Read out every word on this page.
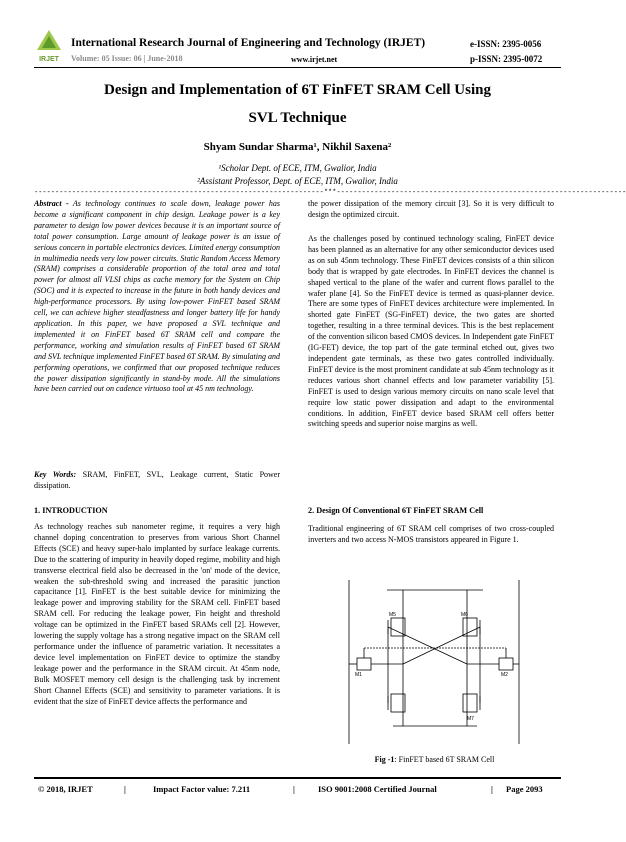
IRJET
International Research Journal of Engineering and Technology (IRJET)
Volume: 05 Issue: 06 | June-2018	www.irjet.net
e-ISSN: 2395-0056
p-ISSN: 2395-0072
Design and Implementation of 6T FinFET SRAM Cell Using
SVL Technique
Shyam Sundar Sharma¹, Nikhil Saxena²
¹Scholar Dept. of ECE, ITM, Gwalior, India
²Assistant Professor, Dept. of ECE, ITM, Gwalior, India
---------------------------------------------------------------------***---------------------------------------------------------------------

Abstract - As technology continues to scale down, leakage power has become a significant component in chip design. Leakage power is a key parameter to design low power devices because it is an important source of total power consumption. Large amount of leakage power is an issue of serious concern in portable electronics devices. Limited energy consumption in multimedia needs very low power circuits. Static Random Access Memory (SRAM) comprises a considerable proportion of the total area and total power for almost all VLSI chips as cache memory for the System on Chip (SOC) and it is expected to increase in the future in both handy devices and high-performance processors. By using low-power FinFET based SRAM cell, we can achieve higher steadfastness and longer battery life for handy application. In this paper, we have proposed a SVL technique and implemented it on FinFET based 6T SRAM cell and compare the performance, working and simulation results of FinFET based 6T SRAM and SVL technique implemented FinFET based 6T SRAM. By simulating and performing operations, we confirmed that our proposed technique reduces the power dissipation significantly in stand-by mode. All the simulations have been carried out on cadence virtuoso tool at 45 nm technology.

Key Words: SRAM, FinFET, SVL, Leakage current, Static Power dissipation.

1. INTRODUCTION

As technology reaches sub nanometer regime, it requires a very high channel doping concentration to preserves from various Short Channel Effects (SCE) and heavy super-halo implanted by surface leakage currents. Due to the scattering of impurity in heavily doped regime, mobility and high transverse electrical field also be decreased in the 'on' mode of the device, weaken the sub-threshold swing and increased the parasitic junction capacitance [1]. FinFET is the best suitable device for minimizing the leakage power and improving stability for the SRAM cell. FinFET based SRAM cell. For reducing the leakage power, Fin height and threshold voltage can be optimized in the FinFET based SRAMs cell [2]. However, lowering the supply voltage has a strong negative impact on the SRAM cell performance under the influence of parametric variation. It necessitates a device level implementation on FinFET device to optimize the standby leakage power and the performance in the SRAM circuit. At 45nm node, Bulk MOSFET memory cell design is the challenging task by increment Short Channel Effects (SCE) and sensitivity to parameter variations. It is evident that the size of FinFET device affects the performance and

the power dissipation of the memory circuit [3]. So it is very difficult to design the optimized circuit.
As the challenges posed by continued technology scaling, FinFET device has been planned as an alternative for any other semiconductor devices used as on sub 45nm technology. These FinFET devices consists of a thin silicon body that is wrapped by gate electrodes. In FinFET devices the channel is shaped vertical to the plane of the wafer and current flows parallel to the wafer plane [4]. So the FinFET device is termed as quasi-planner device. There are some types of FinFET devices architecture were implemented. In shorted gate FinFET (SG-FinFET) device, the two gates are shorted together, resulting in a three terminal devices. This is the best replacement of the convention silicon based CMOS devices. In Independent gate FinFET (IG-FET) device, the top part of the gate terminal etched out, gives two independent gate terminals, as these two gates controlled individually. FinFET device is the most prominent candidate at sub 45nm technology as it reduces various short channel effects and low parameter variability [5]. FinFET is used to design various memory circuits on nano scale level that require low static power dissipation and adapt to the environmental conditions. In addition, FinFET device based SRAM cell offers better switching speeds and superior noise margins as well.
2. Design Of Conventional 6T FinFET SRAM Cell
Traditional engineering of 6T SRAM cell comprises of two cross-coupled inverters and two access N-MOS transistors appeared in Figure 1.
M5	M6
M1	M2
M7
Fig -1: FinFET based 6T SRAM Cell
© 2018, IRJET	|	Impact Factor value: 7.211	|	ISO 9001:2008 Certified Journal	| Page 2093
